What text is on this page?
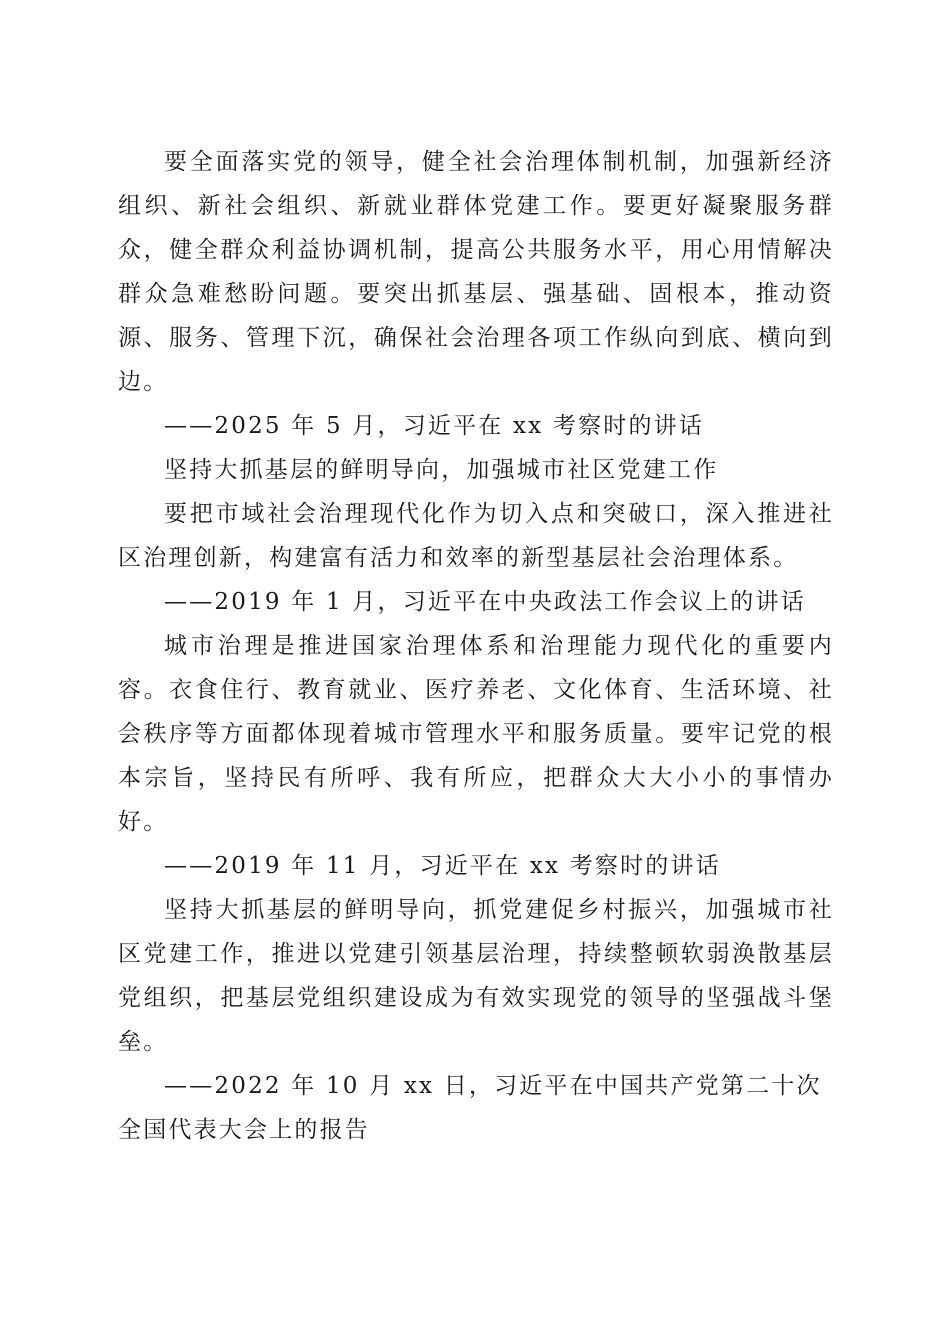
要全面落实党的领导，健全社会治理体制机制，加强新经济组织、新社会组织、新就业群体党建工作。要更好凝聚服务群众，健全群众利益协调机制，提高公共服务水平，用心用情解决群众急难愁盼问题。要突出抓基层、强基础、固根本，推动资源、服务、管理下沉，确保社会治理各项工作纵向到底、横向到边。

——2025 年 5 月，习近平在 xx 考察时的讲话

坚持大抓基层的鲜明导向，加强城市社区党建工作

要把市域社会治理现代化作为切入点和突破口，深入推进社区治理创新，构建富有活力和效率的新型基层社会治理体系。

——2019 年 1 月，习近平在中央政法工作会议上的讲话

城市治理是推进国家治理体系和治理能力现代化的重要内容。衣食住行、教育就业、医疗养老、文化体育、生活环境、社会秩序等方面都体现着城市管理水平和服务质量。要牢记党的根本宗旨，坚持民有所呼、我有所应，把群众大大小小的事情办好。

——2019 年 11 月，习近平在 xx 考察时的讲话

坚持大抓基层的鲜明导向，抓党建促乡村振兴，加强城市社区党建工作，推进以党建引领基层治理，持续整顿软弱涣散基层党组织，把基层党组织建设成为有效实现党的领导的坚强战斗堡垒。

——2022 年 10 月 xx 日，习近平在中国共产党第二十次全国代表大会上的报告
